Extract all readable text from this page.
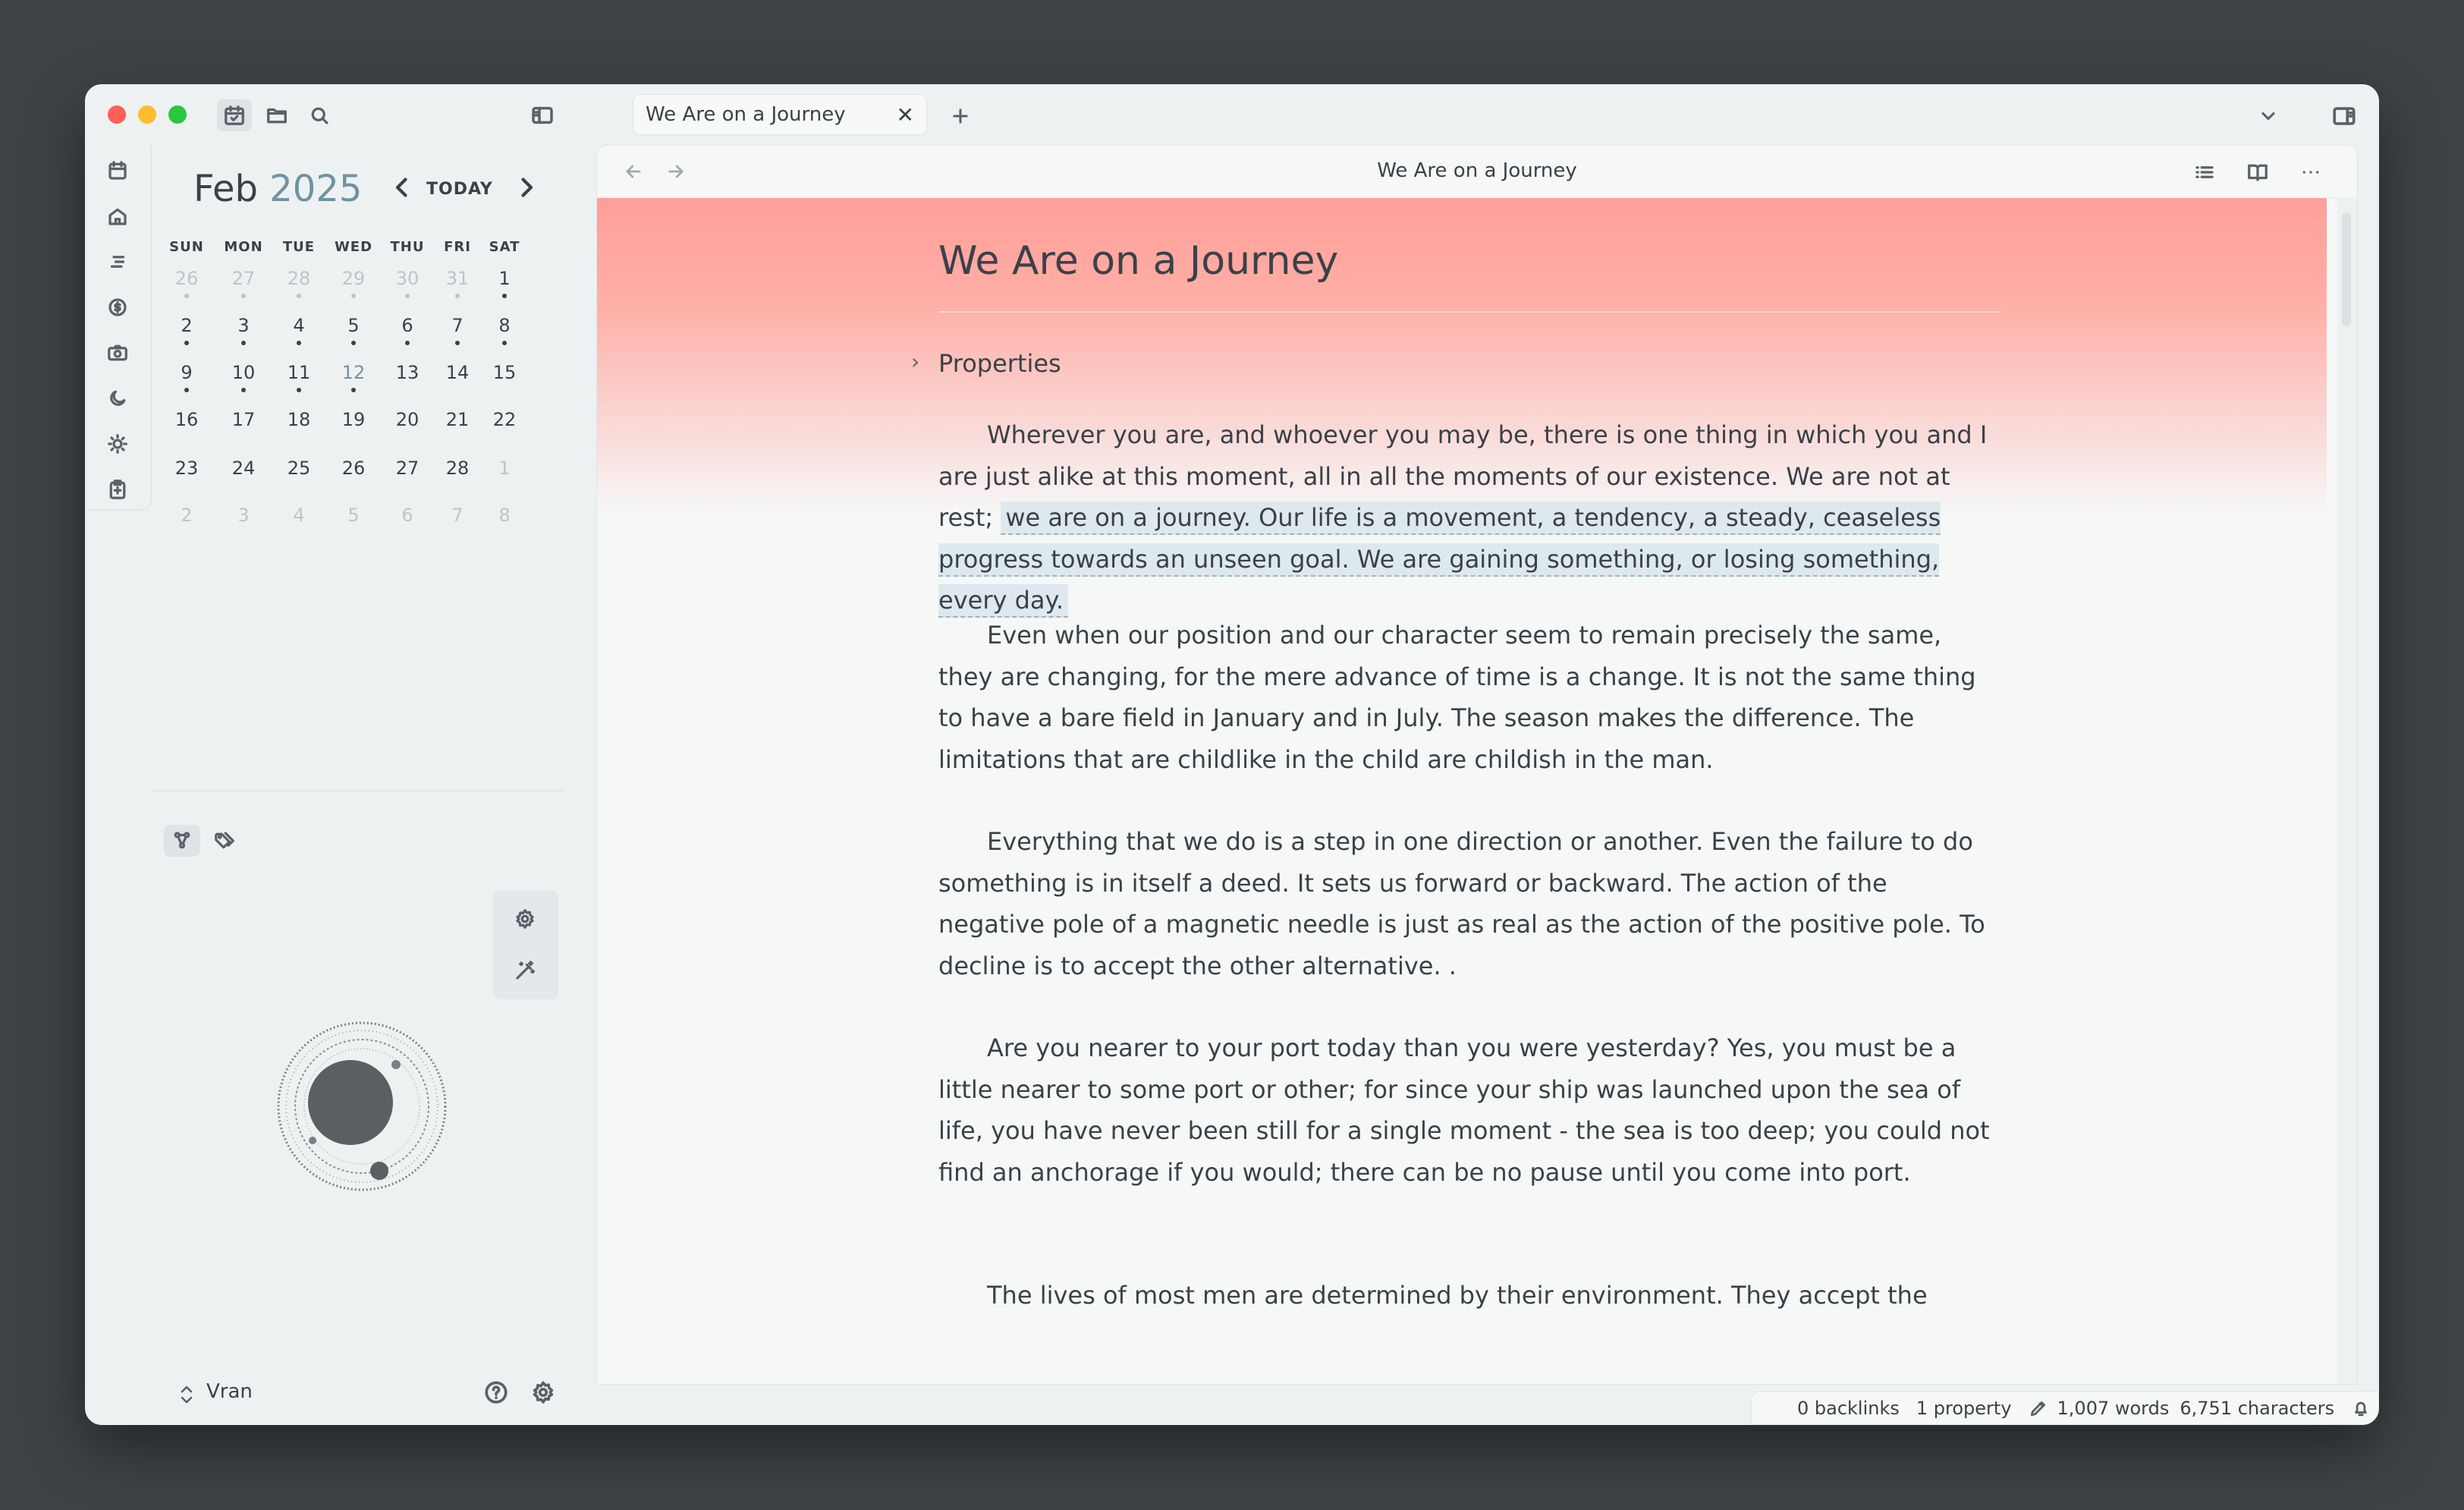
We Are on a Journey	✕
Feb 2025	TODAY
SUN	MON	TUE	WED	THU	FRI	SAT
26	27	28	29	30	31	1
2	3	4	5	6	7	8
9	10	11	12	13	14	15
16	17	18	19	20	21	22
23	24	25	26	27	28	1
2	3	4	5	6	7	8
Vran
We Are on a Journey
We Are on a Journey
› Properties

Wherever you are, and whoever you may be, there is one thing in which you and I are just alike at this moment, all in all the moments of our existence. We are not at rest; we are on a journey. Our life is a movement, a tendency, a steady, ceaseless progress towards an unseen goal. We are gaining something, or losing something, every day.

Even when our position and our character seem to remain precisely the same, they are changing, for the mere advance of time is a change. It is not the same thing to have a bare field in January and in July. The season makes the difference. The limitations that are childlike in the child are childish in the man.

Everything that we do is a step in one direction or another. Even the failure to do something is in itself a deed. It sets us forward or backward. The action of the negative pole of a magnetic needle is just as real as the action of the positive pole. To decline is to accept the other alternative. .

Are you nearer to your port today than you were yesterday? Yes, you must be a little nearer to some port or other; for since your ship was launched upon the sea of life, you have never been still for a single moment - the sea is too deep; you could not find an anchorage if you would; there can be no pause until you come into port.

The lives of most men are determined by their environment. They accept the

0 backlinks 1 property	1,007 words 6,751 characters
